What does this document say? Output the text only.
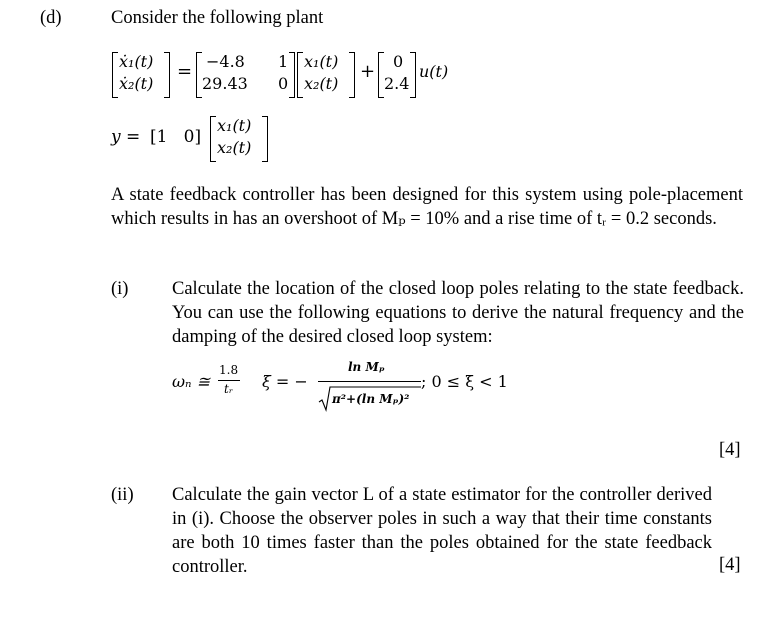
(d)	Consider the following plant
ẋ₁(t)
ẋ₂(t)
= −4.8 1
29.43 0
x₁(t)
x₂(t)
+ 0
2.4
u(t)
y = [1   0]
x₁(t)
x₂(t)
A state feedback controller has been designed for this system using pole-placement which results in has an overshoot of Mₚ = 10% and a rise time of tᵣ = 0.2 seconds.
(i) Calculate the location of the closed loop poles relating to the state feedback. You can use the following equations to derive the natural frequency and the damping of the desired closed loop system:
ωₙ ≅
1.8
tᵣ ξ = −
ln Mₚ
π²+(ln Mₚ)²
; 0 ≤ ξ < 1
[4]
(ii) Calculate the gain vector L of a state estimator for the controller derived in (i). Choose the observer poles in such a way that their time constants are both 10 times faster than the poles obtained for the state feedback controller.	[4]
